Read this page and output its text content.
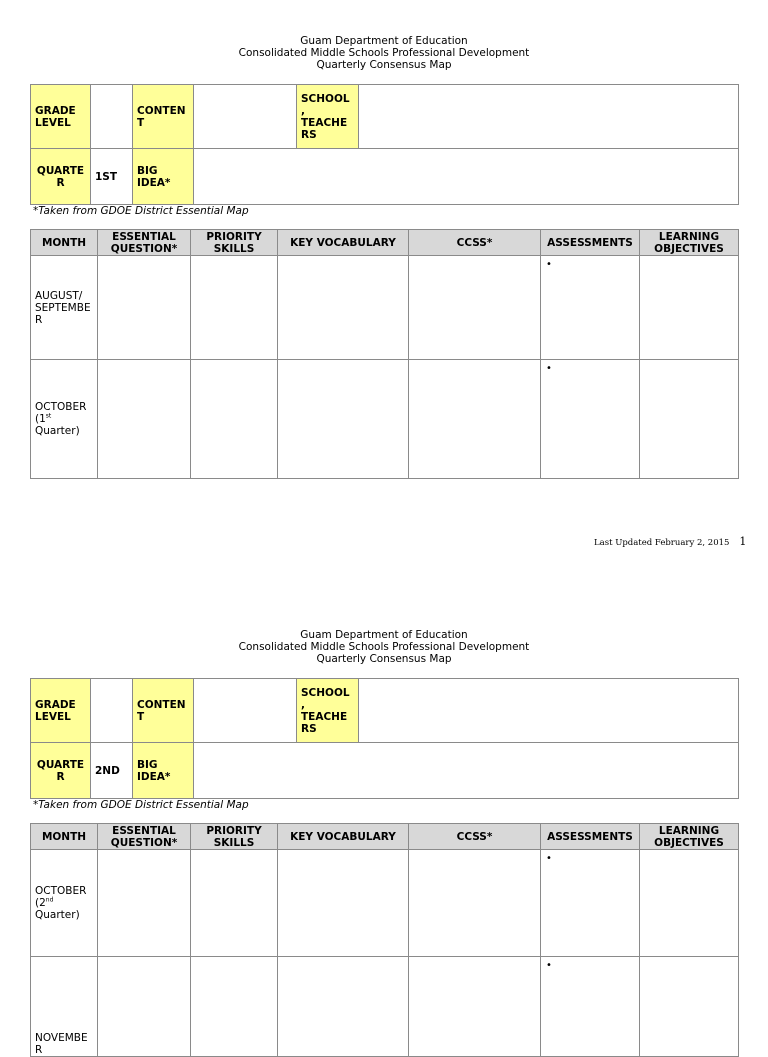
Guam Department of Education
Consolidated Middle Schools Professional Development
Quarterly Consensus Map
GRADE LEVEL		CONTEN T		SCHOOL , TEACHE RS	
QUARTE R	1ST	BIG IDEA*			
*Taken from GDOE District Essential Map
MONTH	ESSENTIAL QUESTION*	PRIORITY SKILLS	KEY VOCABULARY	CCSS*	ASSESSMENTS	LEARNING OBJECTIVES
AUGUST/ SEPTEMBE R					•	

OCTOBER (1st Quarter)					•	

Last Updated February 2, 2015 1
Guam Department of Education
Consolidated Middle Schools Professional Development
Quarterly Consensus Map
GRADE LEVEL		CONTEN T		SCHOOL , TEACHE RS	
QUARTE R	2ND	BIG IDEA*			
*Taken from GDOE District Essential Map
MONTH	ESSENTIAL QUESTION*	PRIORITY SKILLS	KEY VOCABULARY	CCSS*	ASSESSMENTS	LEARNING OBJECTIVES
OCTOBER (2nd Quarter)					•	

NOVEMBE R					•	
